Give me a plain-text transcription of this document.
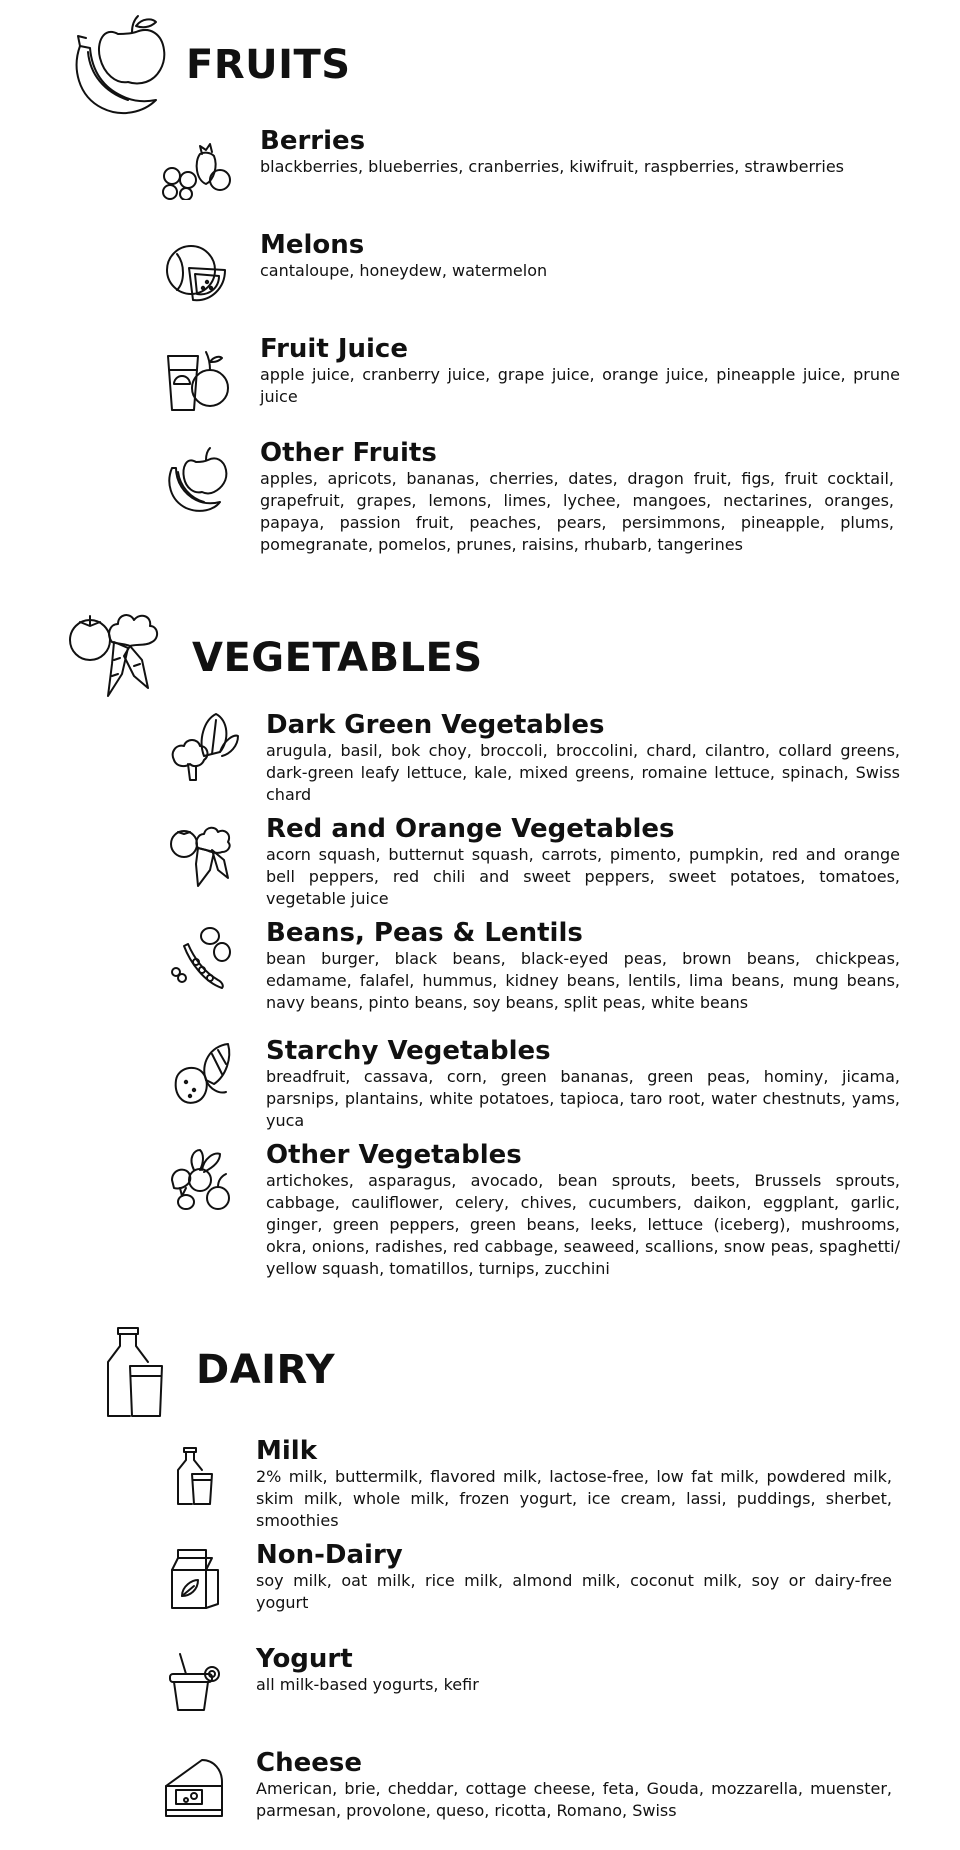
FRUITS
Berries

blackberries, blueberries, cranberries, kiwifruit, raspberries, strawberries

Melons

cantaloupe, honeydew, watermelon

Fruit Juice

apple juice, cranberry juice, grape juice, orange juice, pineapple juice, prune juice

Other Fruits

apples, apricots, bananas, cherries, dates, dragon fruit, figs, fruit cocktail, grapefruit, grapes, lemons, limes, lychee, mangoes, nectarines, oranges, papaya, passion fruit, peaches, pears, persimmons, pineapple, plums, pomegranate, pomelos, prunes, raisins, rhubarb, tangerines

VEGETABLES
Dark Green Vegetables

arugula, basil, bok choy, broccoli, broccolini, chard, cilantro, collard greens, dark-green leafy lettuce, kale, mixed greens, romaine lettuce, spinach, Swiss chard

Red and Orange Vegetables

acorn squash, butternut squash, carrots, pimento, pumpkin, red and orange bell peppers, red chili and sweet peppers, sweet potatoes, tomatoes, vegetable juice

Beans, Peas & Lentils

bean burger, black beans, black-eyed peas, brown beans, chickpeas, edamame, falafel, hummus, kidney beans, lentils, lima beans, mung beans, navy beans, pinto beans, soy beans, split peas, white beans

Starchy Vegetables

breadfruit, cassava, corn, green bananas, green peas, hominy, jicama, parsnips, plantains, white potatoes, tapioca, taro root, water chestnuts, yams, yuca

Other Vegetables

artichokes, asparagus, avocado, bean sprouts, beets, Brussels sprouts, cabbage, cauliflower, celery, chives, cucumbers, daikon, eggplant, garlic, ginger, green peppers, green beans, leeks, lettuce (iceberg), mushrooms, okra, onions, radishes, red cabbage, seaweed, scallions, snow peas, spaghetti/ yellow squash, tomatillos, turnips, zucchini

DAIRY
Milk

2% milk, buttermilk, flavored milk, lactose-free, low fat milk, powdered milk, skim milk, whole milk, frozen yogurt, ice cream, lassi, puddings, sherbet, smoothies

Non-Dairy

soy milk, oat milk, rice milk, almond milk, coconut milk, soy or dairy-free yogurt

Yogurt

all milk-based yogurts, kefir

Cheese

American, brie, cheddar, cottage cheese, feta, Gouda, mozzarella, muenster, parmesan, provolone, queso, ricotta, Romano, Swiss
